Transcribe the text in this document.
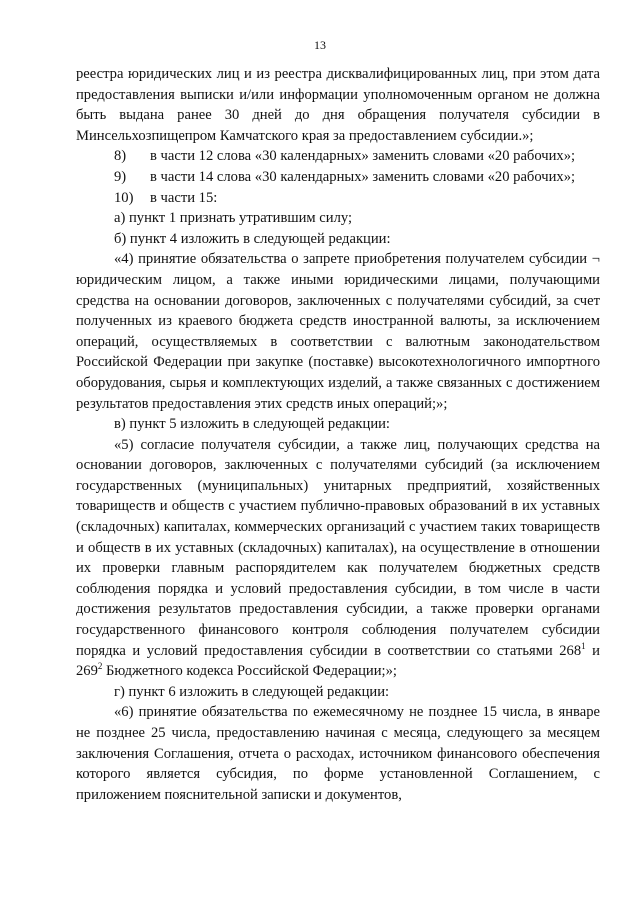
13

реестра юридических лиц и из реестра дисквалифицированных лиц, при этом дата предоставления выписки и/или информации уполномоченным органом не должна быть выдана ранее 30 дней до дня обращения получателя субсидии в Минсельхозпищепром Камчатского края за предоставлением субсидии.»;

8)	в части 12 слова «30 календарных» заменить словами «20 рабочих»;
9)	в части 14 слова «30 календарных» заменить словами «20 рабочих»;
10)	в части 15:

а) пункт 1 признать утратившим силу;

б) пункт 4 изложить в следующей редакции:

«4) принятие обязательства о запрете приобретения получателем субсидии ¬ юридическим лицом, а также иными юридическими лицами, получающими средства на основании договоров, заключенных с получателями субсидий, за счет полученных из краевого бюджета средств иностранной валюты, за исключением операций, осуществляемых в соответствии с валютным законодательством Российской Федерации при закупке (поставке) высокотехнологичного импортного оборудования, сырья и комплектующих изделий, а также связанных с достижением результатов предоставления этих средств иных операций;»;

в) пункт 5 изложить в следующей редакции:

«5) согласие получателя субсидии, а также лиц, получающих средства на основании договоров, заключенных с получателями субсидий (за исключением государственных (муниципальных) унитарных предприятий, хозяйственных товариществ и обществ с участием публично-правовых образований в их уставных (складочных) капиталах, коммерческих организаций с участием таких товариществ и обществ в их уставных (складочных) капиталах), на осуществление в отношении их проверки главным распорядителем как получателем бюджетных средств соблюдения порядка и условий предоставления субсидии, в том числе в части достижения результатов предоставления субсидии, а также проверки органами государственного финансового контроля соблюдения получателем субсидии порядка и условий предоставления субсидии в соответствии со статьями $268^1$ и $269^2$ Бюджетного кодекса Российской Федерации;»;

г) пункт 6 изложить в следующей редакции:

«6) принятие обязательства по ежемесячному не позднее 15 числа, в январе не позднее 25 числа, предоставлению начиная с месяца, следующего за месяцем заключения Соглашения, отчета о расходах, источником финансового обеспечения которого является субсидия, по форме установленной Соглашением, с приложением пояснительной записки и документов,
